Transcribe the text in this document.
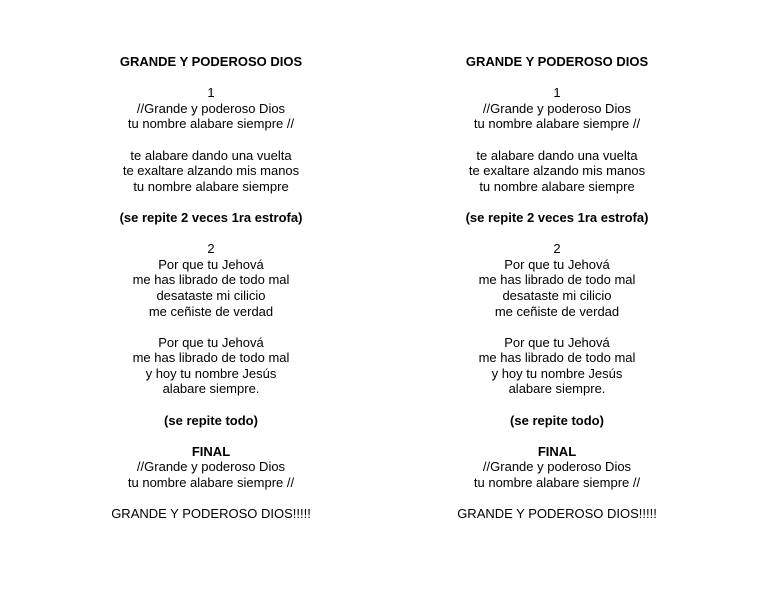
GRANDE Y PODEROSO DIOS
1
//Grande y poderoso Dios
tu nombre alabare siempre //
te alabare dando una vuelta
te exaltare alzando mis manos
tu nombre alabare siempre
(se repite 2 veces 1ra estrofa)
2
Por que tu Jehová
me has librado de todo mal
desataste mi cilicio
me ceñiste de verdad
Por que tu Jehová
me has librado de todo mal
y hoy tu nombre Jesús
alabare siempre.
(se repite todo)
FINAL
//Grande y poderoso Dios
tu nombre alabare siempre //
GRANDE Y PODEROSO DIOS!!!!!
GRANDE Y PODEROSO DIOS
1
//Grande y poderoso Dios
tu nombre alabare siempre //
te alabare dando una vuelta
te exaltare alzando mis manos
tu nombre alabare siempre
(se repite 2 veces 1ra estrofa)
2
Por que tu Jehová
me has librado de todo mal
desataste mi cilicio
me ceñiste de verdad
Por que tu Jehová
me has librado de todo mal
y hoy tu nombre Jesús
alabare siempre.
(se repite todo)
FINAL
//Grande y poderoso Dios
tu nombre alabare siempre //
GRANDE Y PODEROSO DIOS!!!!!
